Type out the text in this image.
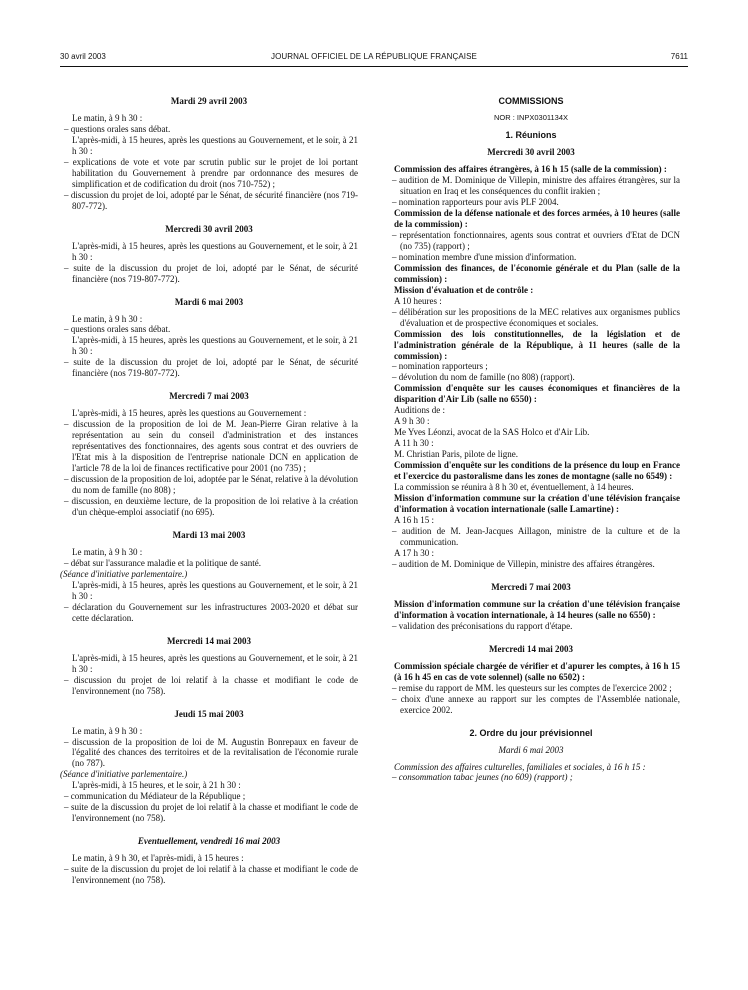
30 avril 2003	JOURNAL OFFICIEL DE LA RÉPUBLIQUE FRANÇAISE	7611

Mardi 29 avril 2003

Le matin, à 9 h 30 :

– questions orales sans débat.

L'après-midi, à 15 heures, après les questions au Gouvernement, et le soir, à 21 h 30 :

– explications de vote et vote par scrutin public sur le projet de loi portant habilitation du Gouvernement à prendre par ordonnance des mesures de simplification et de codification du droit (nos 710-752) ;

– discussion du projet de loi, adopté par le Sénat, de sécurité financière (nos 719-807-772).

Mercredi 30 avril 2003

L'après-midi, à 15 heures, après les questions au Gouvernement, et le soir, à 21 h 30 :

– suite de la discussion du projet de loi, adopté par le Sénat, de sécurité financière (nos 719-807-772).

Mardi 6 mai 2003

Le matin, à 9 h 30 :

– questions orales sans débat.

L'après-midi, à 15 heures, après les questions au Gouvernement, et le soir, à 21 h 30 :

– suite de la discussion du projet de loi, adopté par le Sénat, de sécurité financière (nos 719-807-772).

Mercredi 7 mai 2003

L'après-midi, à 15 heures, après les questions au Gouvernement :

– discussion de la proposition de loi de M. Jean-Pierre Giran relative à la représentation au sein du conseil d'administration et des instances représentatives des fonctionnaires, des agents sous contrat et des ouvriers de l'Etat mis à la disposition de l'entreprise nationale DCN en application de l'article 78 de la loi de finances rectificative pour 2001 (no 735) ;

– discussion de la proposition de loi, adoptée par le Sénat, relative à la dévolution du nom de famille (no 808) ;

– discussion, en deuxième lecture, de la proposition de loi relative à la création d'un chèque-emploi associatif (no 695).

Mardi 13 mai 2003

Le matin, à 9 h 30 :

– débat sur l'assurance maladie et la politique de santé.

(Séance d'initiative parlementaire.)

L'après-midi, à 15 heures, après les questions au Gouvernement, et le soir, à 21 h 30 :

– déclaration du Gouvernement sur les infrastructures 2003-2020 et débat sur cette déclaration.

Mercredi 14 mai 2003

L'après-midi, à 15 heures, après les questions au Gouvernement, et le soir, à 21 h 30 :

– discussion du projet de loi relatif à la chasse et modifiant le code de l'environnement (no 758).

Jeudi 15 mai 2003

Le matin, à 9 h 30 :

– discussion de la proposition de loi de M. Augustin Bonrepaux en faveur de l'égalité des chances des territoires et de la revitalisation de l'économie rurale (no 787).

(Séance d'initiative parlementaire.)

L'après-midi, à 15 heures, et le soir, à 21 h 30 :

– communication du Médiateur de la République ;

– suite de la discussion du projet de loi relatif à la chasse et modifiant le code de l'environnement (no 758).

Eventuellement, vendredi 16 mai 2003

Le matin, à 9 h 30, et l'après-midi, à 15 heures :

– suite de la discussion du projet de loi relatif à la chasse et modifiant le code de l'environnement (no 758).

COMMISSIONS

NOR : INPX0301134X

1. Réunions

Mercredi 30 avril 2003

Commission des affaires étrangères, à 16 h 15 (salle de la commission) :

– audition de M. Dominique de Villepin, ministre des affaires étrangères, sur la situation en Iraq et les conséquences du conflit irakien ;

– nomination rapporteurs pour avis PLF 2004.

Commission de la défense nationale et des forces armées, à 10 heures (salle de la commission) :

– représentation fonctionnaires, agents sous contrat et ouvriers d'Etat de DCN (no 735) (rapport) ;

– nomination membre d'une mission d'information.

Commission des finances, de l'économie générale et du Plan (salle de la commission) :

Mission d'évaluation et de contrôle :

A 10 heures :

– délibération sur les propositions de la MEC relatives aux organismes publics d'évaluation et de prospective économiques et sociales.

Commission des lois constitutionnelles, de la législation et de l'administration générale de la République, à 11 heures (salle de la commission) :

– nomination rapporteurs ;

– dévolution du nom de famille (no 808) (rapport).

Commission d'enquête sur les causes économiques et financières de la disparition d'Air Lib (salle no 6550) :

Auditions de :

A 9 h 30 :

Me Yves Léonzi, avocat de la SAS Holco et d'Air Lib.

A 11 h 30 :

M. Christian Paris, pilote de ligne.

Commission d'enquête sur les conditions de la présence du loup en France et l'exercice du pastoralisme dans les zones de montagne (salle no 6549) :

La commission se réunira à 8 h 30 et, éventuellement, à 14 heures.

Mission d'information commune sur la création d'une télévision française d'information à vocation internationale (salle Lamartine) :

A 16 h 15 :

– audition de M. Jean-Jacques Aillagon, ministre de la culture et de la communication.

A 17 h 30 :

– audition de M. Dominique de Villepin, ministre des affaires étrangères.

Mercredi 7 mai 2003

Mission d'information commune sur la création d'une télévision française d'information à vocation internationale, à 14 heures (salle no 6550) :

– validation des préconisations du rapport d'étape.

Mercredi 14 mai 2003

Commission spéciale chargée de vérifier et d'apurer les comptes, à 16 h 15 (à 16 h 45 en cas de vote solennel) (salle no 6502) :

– remise du rapport de MM. les questeurs sur les comptes de l'exercice 2002 ;

– choix d'une annexe au rapport sur les comptes de l'Assemblée nationale, exercice 2002.

2. Ordre du jour prévisionnel

Mardi 6 mai 2003

Commission des affaires culturelles, familiales et sociales, à 16 h 15 :

– consommation tabac jeunes (no 609) (rapport) ;
